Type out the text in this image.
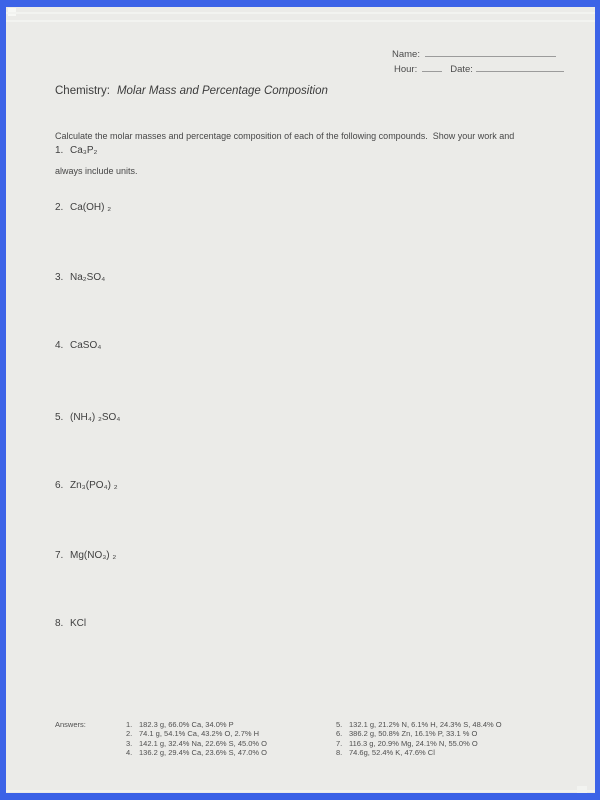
Name:
Hour:	Date:
Chemistry: Molar Mass and Percentage Composition

Calculate the molar masses and percentage composition of each of the following compounds.  Show your work and

always include units.

1. Ca₃P₂
2. Ca(OH) ₂
3. Na₂SO₄
4. CaSO₄
5. (NH₄) ₂SO₄
6. Zn₃(PO₄) ₂
7. Mg(NO₃) ₂
8. KCl
Answers:	1. 182.3 g, 66.0% Ca, 34.0% P
2. 74.1 g, 54.1% Ca, 43.2% O, 2.7% H
3. 142.1 g, 32.4% Na, 22.6% S, 45.0% O
4. 136.2 g, 29.4% Ca, 23.6% S, 47.0% O
5. 132.1 g, 21.2% N, 6.1% H, 24.3% S, 48.4% O
6. 386.2 g, 50.8% Zn, 16.1% P, 33.1 % O
7. 116.3 g, 20.9% Mg, 24.1% N, 55.0% O
8. 74.6g, 52.4% K, 47.6% Cl
